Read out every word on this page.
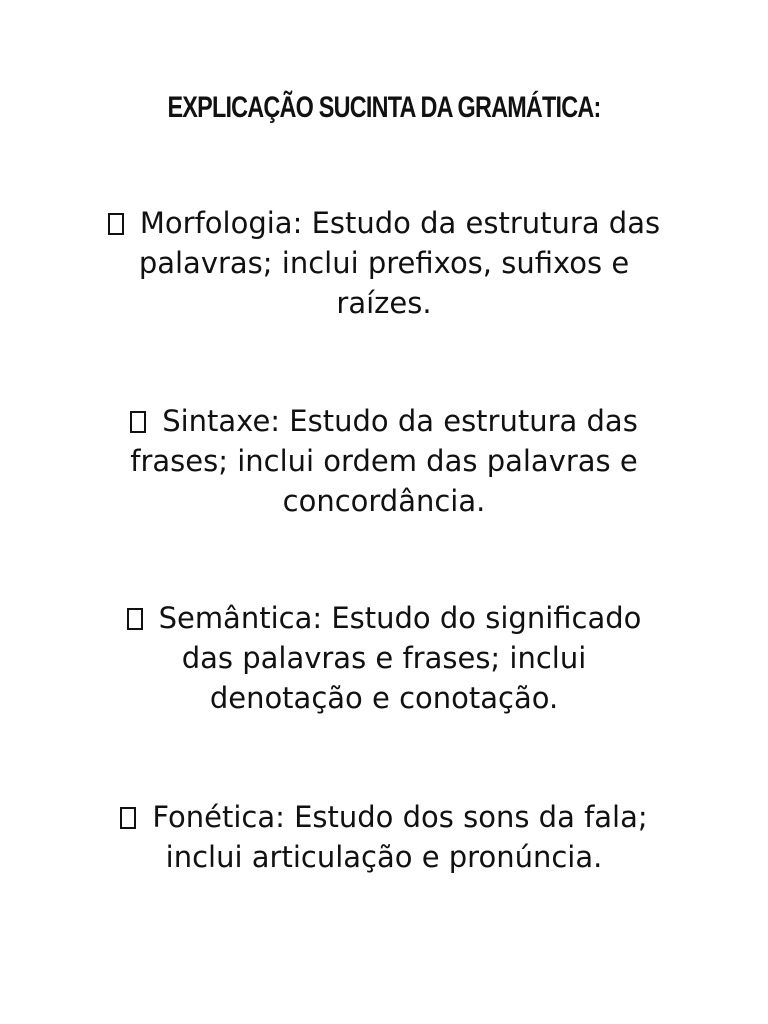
EXPLICAÇÃO SUCINTA DA GRAMÁTICA:

Morfologia: Estudo da estrutura das palavras; inclui prefixos, sufixos e raízes.

Sintaxe: Estudo da estrutura das frases; inclui ordem das palavras e concordância.

Semântica: Estudo do significado das palavras e frases; inclui denotação e conotação.

Fonética: Estudo dos sons da fala; inclui articulação e pronúncia.
